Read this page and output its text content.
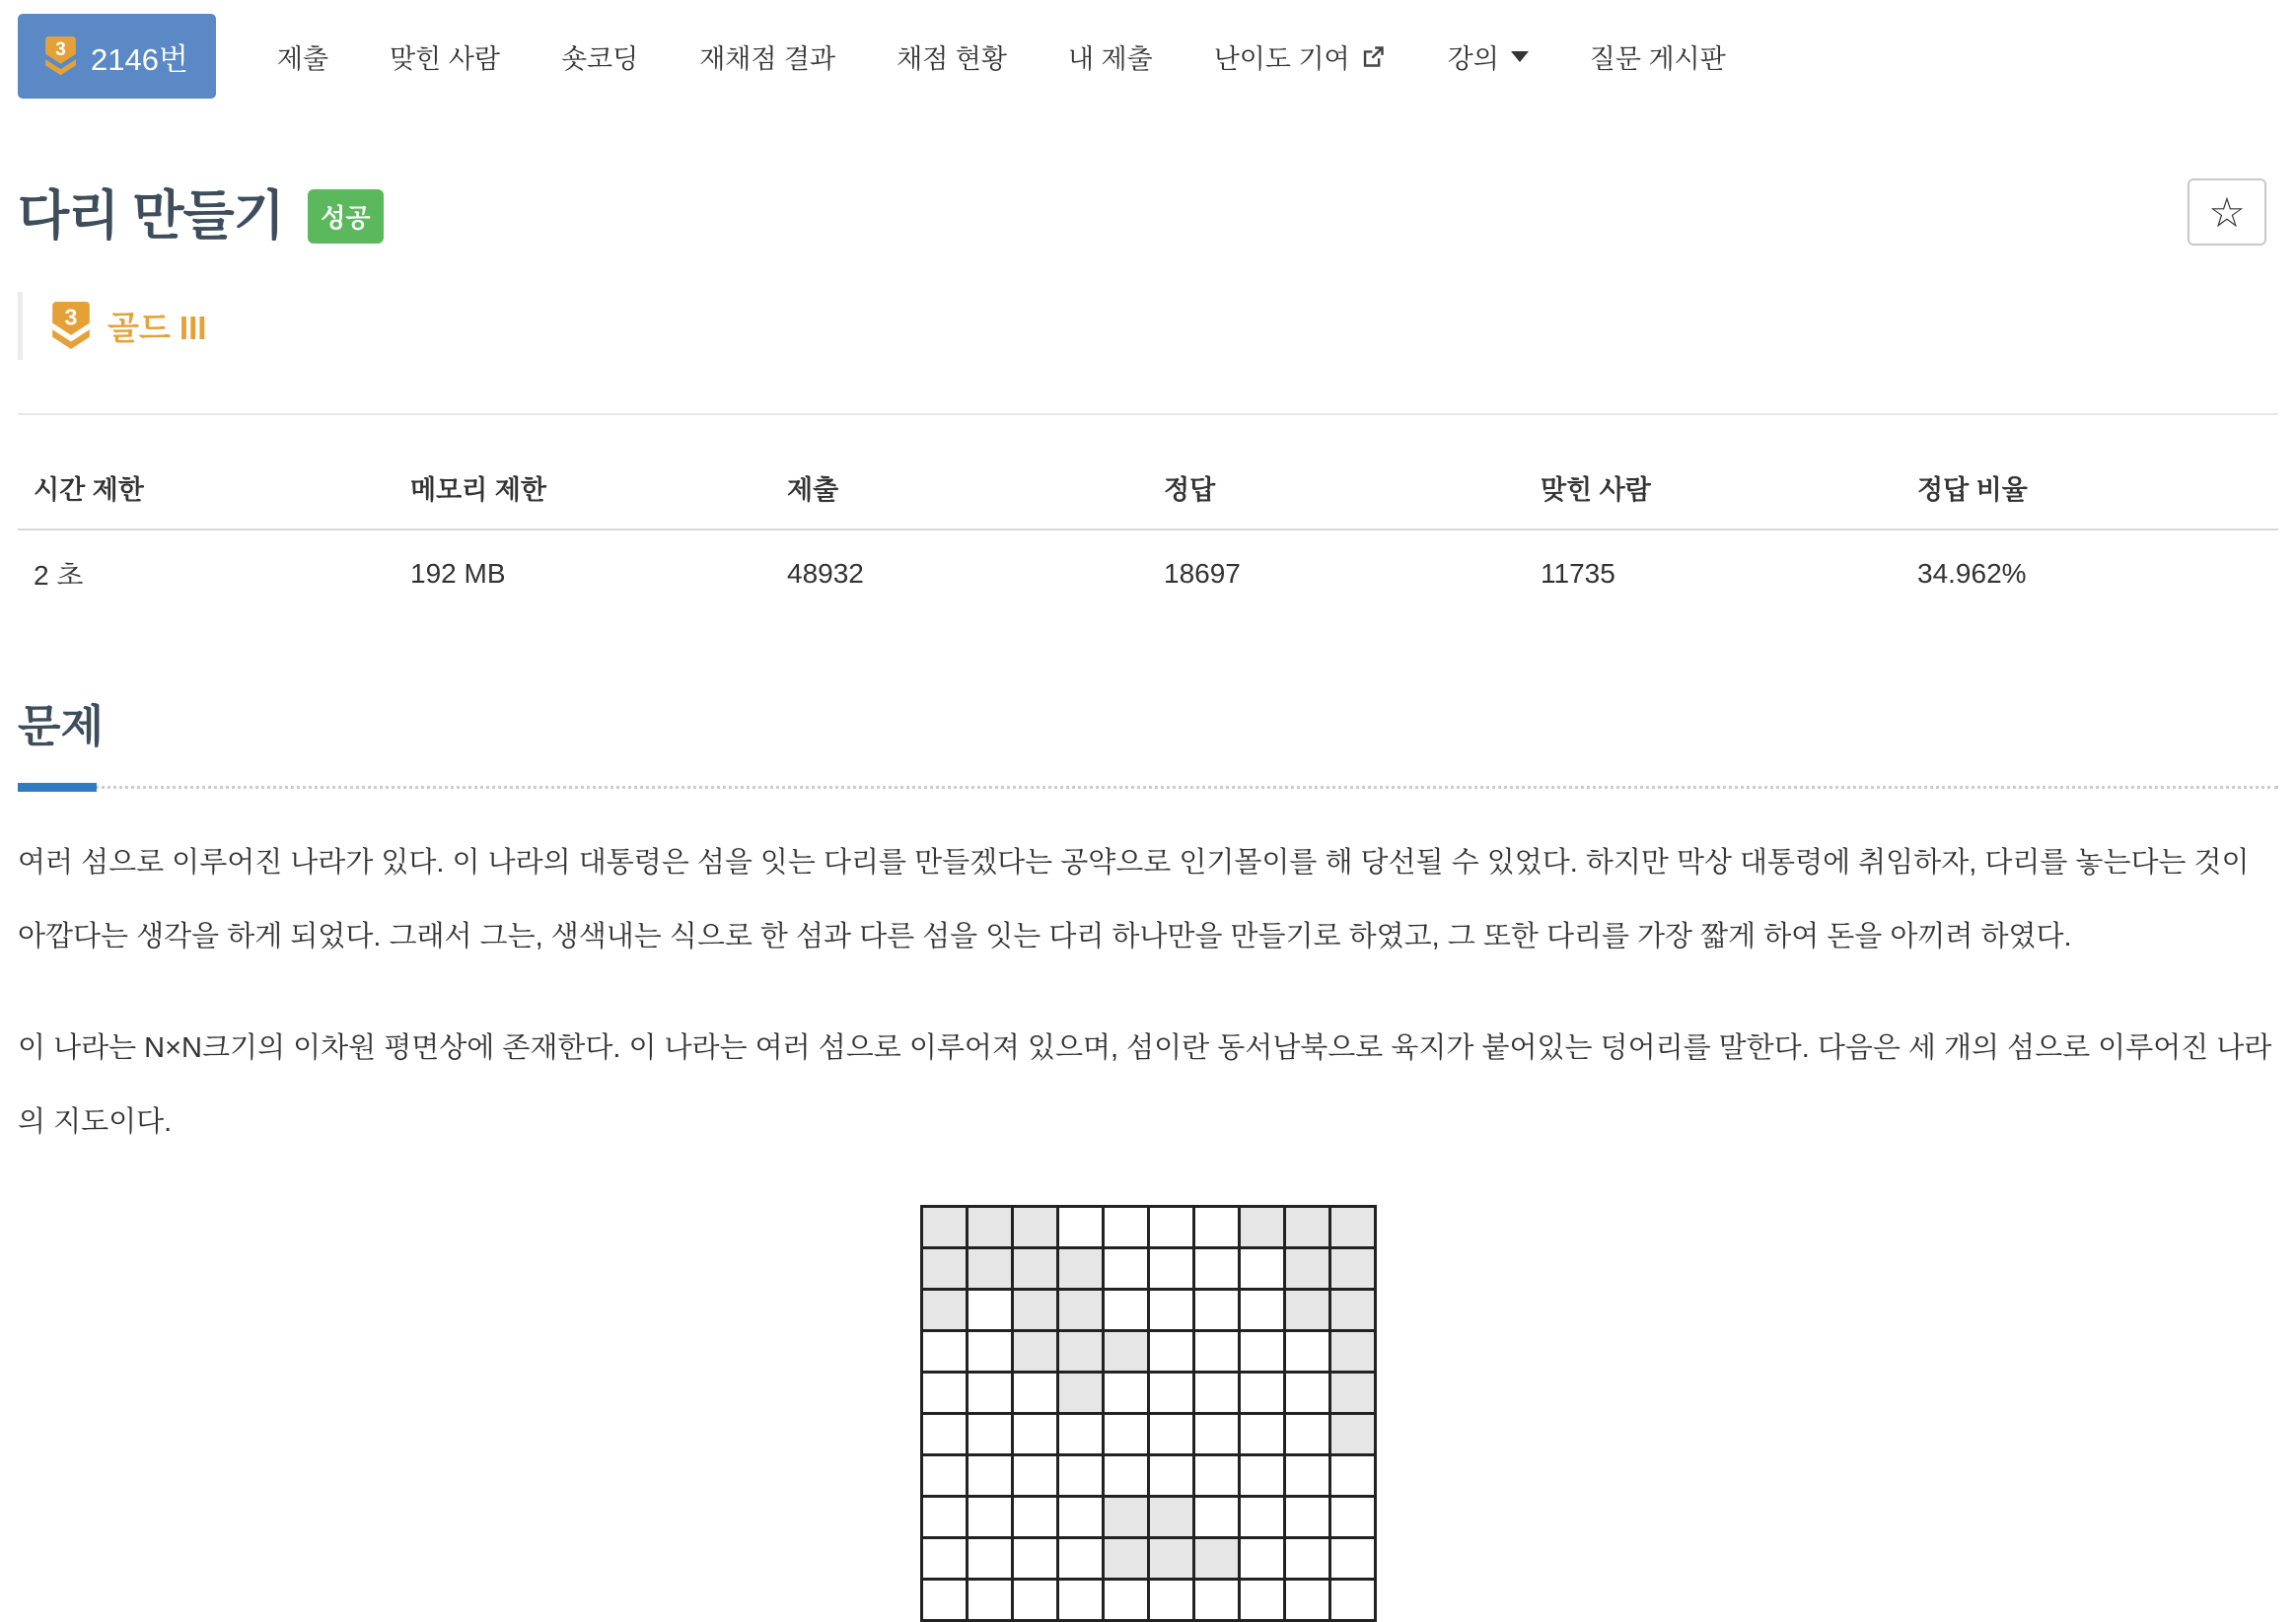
3 2146번	제출 맞힌 사람 숏코딩 재채점 결과 채점 현황 내 제출 난이도 기여	강의	질문 게시판
다리 만들기 성공	☆
3 골드 III
시간 제한	메모리 제한	제출	정답	맞힌 사람	정답 비율
2 초	192 MB	48932	18697	11735	34.962%
문제

여러 섬으로 이루어진 나라가 있다. 이 나라의 대통령은 섬을 잇는 다리를 만들겠다는 공약으로 인기몰이를 해 당선될 수 있었다. 하지만 막상 대통령에 취임하자, 다리를 놓는다는 것이 아깝다는 생각을 하게 되었다. 그래서 그는, 생색내는 식으로 한 섬과 다른 섬을 잇는 다리 하나만을 만들기로 하였고, 그 또한 다리를 가장 짧게 하여 돈을 아끼려 하였다.

이 나라는 N×N크기의 이차원 평면상에 존재한다. 이 나라는 여러 섬으로 이루어져 있으며, 섬이란 동서남북으로 육지가 붙어있는 덩어리를 말한다. 다음은 세 개의 섬으로 이루어진 나라의 지도이다.
